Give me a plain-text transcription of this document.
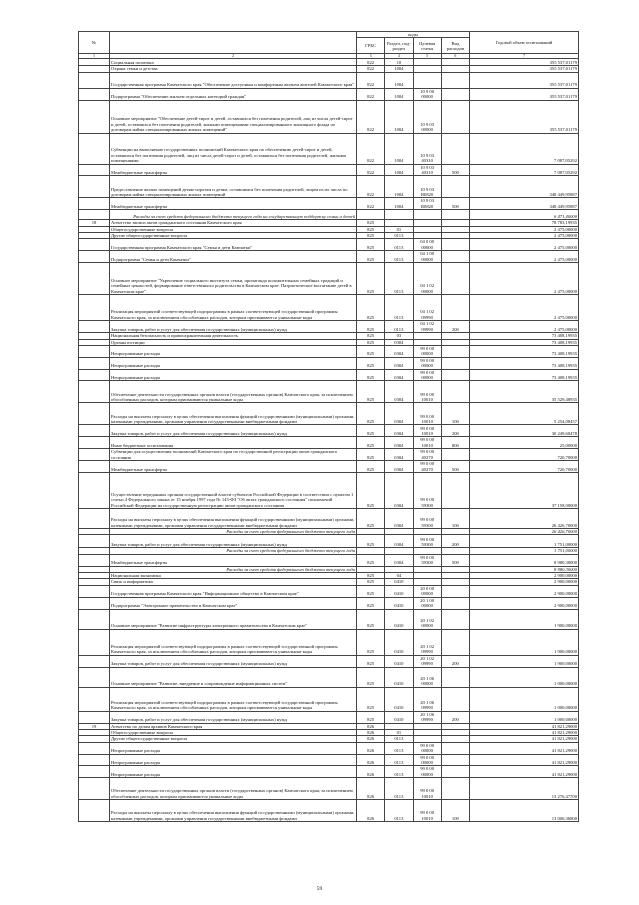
№		коды				Годовой объем ассигнований
		ГРБС	Раздел, под-раздел	Целевая статья	Вид расходов	
1	2	3	4	5	6	7
	Социальная политика	822	10			355 537,01179
	Охрана семьи и детства	822	1004			355 537,01179
	Государственная программа Камчатского края "Обеспечение доступным и комфортным жильем жителей Камчатского края"	822	1004			355 537,01179
	Подпрограмма "Обеспечение жильем отдельных категорий граждан"	822	1004	10 9 00 00000		355 537,01179
	Основное мероприятие "Обеспечение детей-сирот и детей, оставшихся без попечения родителей, лиц из числа детей-сирот и детей, оставшихся без попечения родителей, жилыми помещениями специализированного жилищного фонда по договорам найма специализированных жилых помещений"	822	1004	10 9 03 00000		355 537,01179
	Субвенции на выполнение государственных полномочий Камчатского края по обеспечению детей-сирот и детей, оставшихся без попечения родителей, лиц из числа детей-сирот и детей, оставшихся без попечения родителей, жилыми помещениями	822	1004	10 9 03 40310		7 087,05292
	Межбюджетные трансферты	822	1004	10 9 03 40310	500	7 087,05292
	Предоставление жилых помещений детям-сиротам и детям, оставшимся без попечения родителей, лицам из их числа по договорам найма специализированных жилых помещений	822	1004	10 9 03 R0820		348 449,95887
	Межбюджетные трансферты	822	1004	10 9 03 R0820	500	348 449,95887
	Расходы за счет средств федерального бюджета текущего года на государственную поддержку семьи и детей					6 471,40000
18	Агентство записи актов гражданского состояния Камчатского края	825				78 783,19935
	Общегосударственные вопросы	825	01			2 475,00000
	Другие общегосударственные вопросы	825	0113			2 475,00000
	Государственная программа Камчатского края "Семья и дети Камчатки"	825	0113	04 0 00 00000		2 475,00000
	Подпрограмма "Семья и дети Камчатки"	825	0113	04 1 00 00000		2 475,00000
	Основное мероприятие "Укрепление социального института семьи, пропаганда положительных семейных традиций и семейных ценностей, формирование ответственного родительства в Камчатском крае. Патриотическое воспитание детей в Камчатском крае"	825	0113	04 1 02 00000		2 475,00000
	Реализация мероприятий соответствующей подпрограммы в рамках соответствующей государственной программы Камчатского края, за исключением обособленных расходов, которым присваиваются уникальные коды	825	0113	04 1 02 09990		2 475,00000
	Закупка товаров, работ и услуг для обеспечения государственных (муниципальных) нужд	825	0113	04 1 02 09990	200	2 475,00000
	Национальная безопасность и правоохранительная деятельность	825	03			73 408,19935
	Органы юстиции	825	0304			73 408,19935
	Непрограммные расходы	825	0304	99 0 00 00000		73 408,19935
	Непрограммные расходы	825	0304	99 0 00 00000		73 408,19935
	Непрограммные расходы	825	0304	99 0 00 00000		73 408,19935
	Обеспечение деятельности государственных органов власти (государственных органов) Камчатского края, за исключением обособленных расходов, которым присваиваются уникальные коды	825	0304	99 0 00 10010		35 529,48935
	Расходы на выплаты персоналу в целях обеспечения выполнения функций государственными (муниципальными) органами, казенными учреждениями, органами управления государственными внебюджетными фондами	825	0304	99 0 00 10010	100	5 254,08457
	Закупка товаров, работ и услуг для обеспечения государственных (муниципальных) нужд	825	0304	99 0 00 10010	200	30 249,60478
	Иные бюджетные ассигнования	825	0304	99 0 00 10010	800	25,00000
	Субвенции для осуществления полномочий Камчатского края по государственной регистрации актов гражданского состояния	825	0304	99 0 00 40270		720,70000
	Межбюджетные трансферты	825	0304	99 0 00 40270	500	720,70000
	Осуществление переданных органам государственной власти субъектов Российской Федерации в соответствии с пунктом 1 статьи 4 Федерального закона от 15 ноября 1997 года № 143-ФЗ "Об актах гражданского состояния" полномочий Российской Федерации на государственную регистрацию актов гражданского состояния	825	0304	99 0 00 59300		37 158,00000
	Расходы на выплаты персоналу в целях обеспечения выполнения функций государственными (муниципальными) органами, казенными учреждениями, органами управления государственными внебюджетными фондами	825	0304	99 0 00 59300	100	26 426,70000
	Расходы за счет средств федерального бюджета текущего года					26 426,70000
	Закупка товаров, работ и услуг для обеспечения государственных (муниципальных) нужд	825	0304	99 0 00 59300	200	1 751,00000
	Расходы за счет средств федерального бюджета текущего года					1 751,00000
	Межбюджетные трансферты	825	0304	99 0 00 59300	500	8 980,30000
	Расходы за счет средств федерального бюджета текущего года					8 980,30000
	Национальная экономика	825	04			2 900,00000
	Связь и информатика	825	0410			2 900,00000
	Государственная программа Камчатского края "Информационное общество в Камчатском крае"	825	0410	20 0 00 00000		2 900,00000
	Подпрограмма "Электронное правительство в Камчатском крае"	825	0410	20 1 00 00000		2 900,00000
	Основное мероприятие "Развитие инфраструктуры электронного правительства в Камчатском крае"	825	0410	20 1 02 00000		1 900,00000
	Реализация мероприятий соответствующей подпрограммы в рамках соответствующей государственной программы Камчатского края, за исключением обособленных расходов, которым присваиваются уникальные коды	825	0410	20 1 02 09990		1 900,00000
	Закупка товаров, работ и услуг для обеспечения государственных (муниципальных) нужд	825	0410	20 1 02 09990	200	1 900,00000
	Основное мероприятие "Развитие, внедрение и сопровождение информационных систем"	825	0410	20 1 06 00000		1 000,00000
	Реализация мероприятий соответствующей подпрограммы в рамках соответствующей государственной программы Камчатского края, за исключением обособленных расходов, которым присваиваются уникальные коды	825	0410	20 1 06 09990		1 000,00000
	Закупка товаров, работ и услуг для обеспечения государственных (муниципальных) нужд	825	0410	20 1 06 09990	200	1 000,00000
19	Агентство по делам архивов Камчатского края	826				41 821,29000
	Общегосударственные вопросы	826	01			41 821,29000
	Другие общегосударственные вопросы	826	0113			41 821,29000
	Непрограммные расходы	826	0113	99 0 00 00000		41 821,29000
	Непрограммные расходы	826	0113	99 0 00 00000		41 821,29000
	Непрограммные расходы	826	0113	99 0 00 00000		41 821,29000
	Обеспечение деятельности государственных органов власти (государственных органов) Камчатского края, за исключением обособленных расходов, которым присваиваются уникальные коды	826	0113	99 0 00 10010		13 276,47700
	Расходы на выплаты персоналу в целях обеспечения выполнения функций государственными (муниципальными) органами, казенными учреждениями, органами управления государственными внебюджетными фондами	826	0113	99 0 00 10010	100	13 006,36800
59
